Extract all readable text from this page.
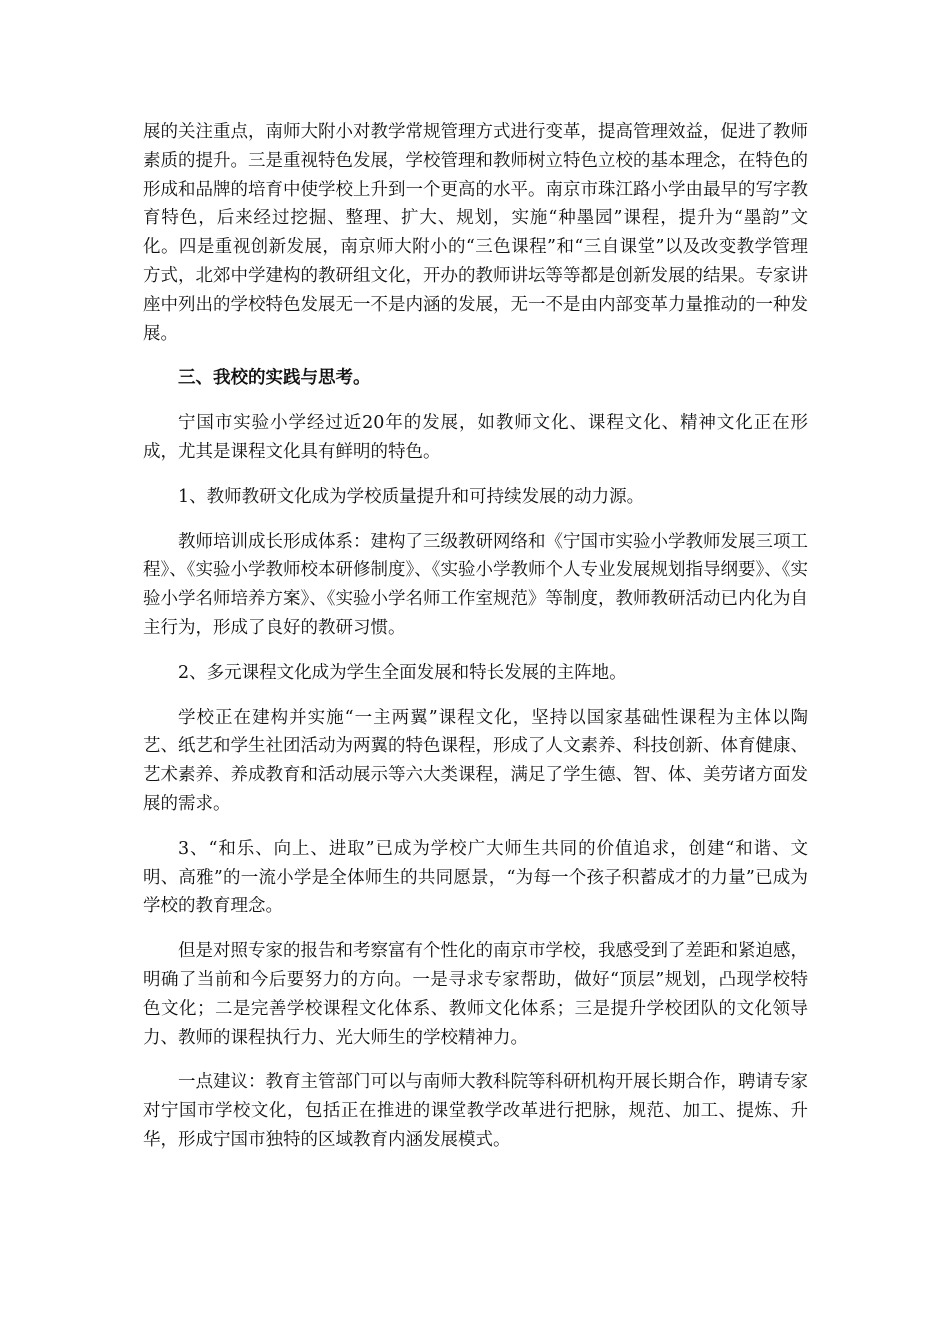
展的关注重点，南师大附小对教学常规管理方式进行变革，提高管理效益，促进了教师素质的提升。三是重视特色发展，学校管理和教师树立特色立校的基本理念，在特色的形成和品牌的培育中使学校上升到一个更高的水平。南京市珠江路小学由最早的写字教育特色，后来经过挖掘、整理、扩大、规划，实施“种墨园”课程，提升为“墨韵”文化。四是重视创新发展，南京师大附小的“三色课程”和“三自课堂”以及改变教学管理方式，北郊中学建构的教研组文化，开办的教师讲坛等等都是创新发展的结果。专家讲座中列出的学校特色发展无一不是内涵的发展，无一不是由内部变革力量推动的一种发展。

三、我校的实践与思考。

宁国市实验小学经过近20年的发展，如教师文化、课程文化、精神文化正在形成，尤其是课程文化具有鲜明的特色。

1、教师教研文化成为学校质量提升和可持续发展的动力源。

教师培训成长形成体系：建构了三级教研网络和《宁国市实验小学教师发展三项工程》、《实验小学教师校本研修制度》、《实验小学教师个人专业发展规划指导纲要》、《实验小学名师培养方案》、《实验小学名师工作室规范》等制度，教师教研活动已内化为自主行为，形成了良好的教研习惯。

2、多元课程文化成为学生全面发展和特长发展的主阵地。

学校正在建构并实施“一主两翼”课程文化，坚持以国家基础性课程为主体以陶艺、纸艺和学生社团活动为两翼的特色课程，形成了人文素养、科技创新、体育健康、艺术素养、养成教育和活动展示等六大类课程，满足了学生德、智、体、美劳诸方面发展的需求。

3、“和乐、向上、进取”已成为学校广大师生共同的价值追求，创建“和谐、文明、高雅”的一流小学是全体师生的共同愿景，“为每一个孩子积蓄成才的力量”已成为学校的教育理念。

但是对照专家的报告和考察富有个性化的南京市学校，我感受到了差距和紧迫感，明确了当前和今后要努力的方向。一是寻求专家帮助，做好“顶层”规划，凸现学校特色文化；二是完善学校课程文化体系、教师文化体系；三是提升学校团队的文化领导力、教师的课程执行力、光大师生的学校精神力。

一点建议：教育主管部门可以与南师大教科院等科研机构开展长期合作，聘请专家对宁国市学校文化，包括正在推进的课堂教学改革进行把脉，规范、加工、提炼、升华，形成宁国市独特的区域教育内涵发展模式。
